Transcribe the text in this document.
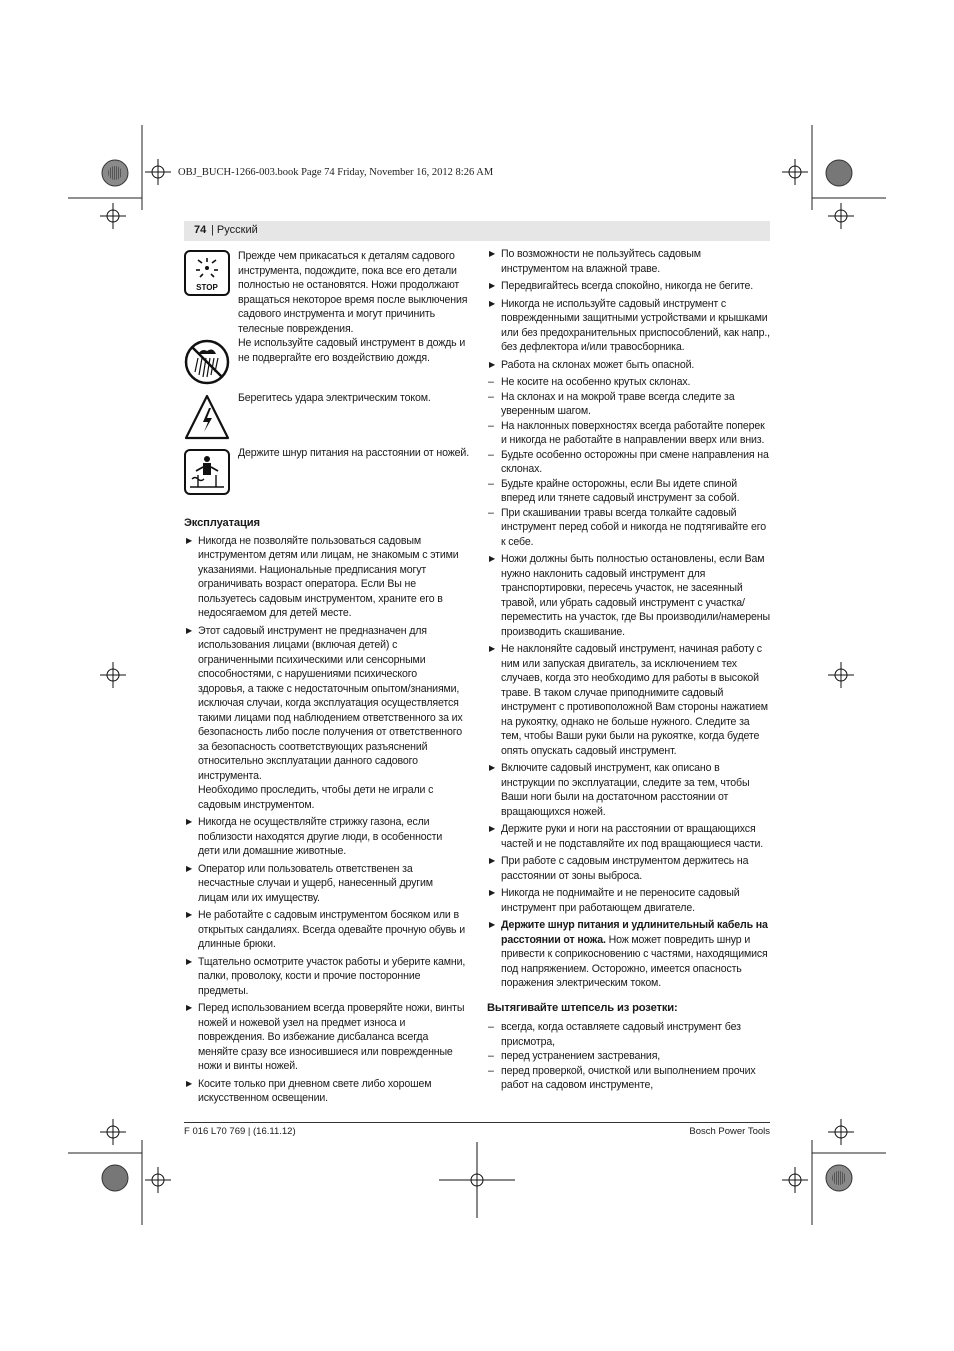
OBJ_BUCH-1266-003.book Page 74 Friday, November 16, 2012 8:26 AM
74 | Русский
STOP
Прежде чем прикасаться к деталям садового инструмента, подождите, пока все его детали полностью не остановятся. Ножи продолжают вращаться некоторое время после выключения садового инструмента и могут причинить телесные повреждения.
Не используйте садовый инструмент в дождь и не подвергайте его воздействию дождя.
Берегитесь удара электрическим током.
Держите шнур питания на расстоянии от ножей.

Эксплуатация

▶ Никогда не позволяйте пользоваться садовым инструментом детям или лицам, не знакомым с этими указаниями. Национальные предписания могут ограничивать возраст оператора. Если Вы не пользуетесь садовым инструментом, храните его в недосягаемом для детей месте.
▶ Этот садовый инструмент не предназначен для использования лицами (включая детей) с ограниченными психическими или сенсорными способностями, с нарушениями психического здоровья, а также с недостаточным опытом/знаниями, исключая случаи, когда эксплуатация осуществляется такими лицами под наблюдением ответственного за их безопасность либо после получения от ответственного за безопасность соответствующих разъяснений относительно эксплуатации данного садового инструмента.
Необходимо проследить, чтобы дети не играли с садовым инструментом.
▶ Никогда не осуществляйте стрижку газона, если поблизости находятся другие люди, в особенности дети или домашние животные.
▶ Оператор или пользователь ответственен за несчастные случаи и ущерб, нанесенный другим лицам или их имуществу.
▶ Не работайте с садовым инструментом босяком или в открытых сандалиях. Всегда одевайте прочную обувь и длинные брюки.
▶ Тщательно осмотрите участок работы и уберите камни, палки, проволоку, кости и прочие посторонние предметы.
▶ Перед использованием всегда проверяйте ножи, винты ножей и ножевой узел на предмет износа и повреждения. Во избежание дисбаланса всегда меняйте сразу все износившиеся или поврежденные ножи и винты ножей.
▶ Косите только при дневном свете либо хорошем искусственном освещении.
▶ По возможности не пользуйтесь садовым инструментом на влажной траве.
▶ Передвигайтесь всегда спокойно, никогда не бегите.
▶ Никогда не используйте садовый инструмент с поврежденными защитными устройствами и крышками или без предохранительных приспособлений, как напр., без дефлектора и/или травосборника.
▶ Работа на склонах может быть опасной.
– Не косите на особенно крутых склонах.
– На склонах и на мокрой траве всегда следите за уверенным шагом.
– На наклонных поверхностях всегда работайте поперек и никогда не работайте в направлении вверх или вниз.
– Будьте особенно осторожны при смене направления на склонах.
– Будьте крайне осторожны, если Вы идете спиной вперед или тянете садовый инструмент за собой.
– При скашивании травы всегда толкайте садовый инструмент перед собой и никогда не подтягивайте его к себе.
▶ Ножи должны быть полностью остановлены, если Вам нужно наклонить садовый инструмент для транспортировки, пересечь участок, не засеянный травой, или убрать садовый инструмент с участка/переместить на участок, где Вы производили/намерены производить скашивание.
▶ Не наклоняйте садовый инструмент, начиная работу с ним или запуская двигатель, за исключением тех случаев, когда это необходимо для работы в высокой траве. В таком случае приподнимите садовый инструмент с противоположной Вам стороны нажатием на рукоятку, однако не больше нужного. Следите за тем, чтобы Ваши руки были на рукоятке, когда будете опять опускать садовый инструмент.
▶ Включите садовый инструмент, как описано в инструкции по эксплуатации, следите за тем, чтобы Ваши ноги были на достаточном расстоянии от вращающихся ножей.
▶ Держите руки и ноги на расстоянии от вращающихся частей и не подставляйте их под вращающиеся части.
▶ При работе с садовым инструментом держитесь на расстоянии от зоны выброса.
▶ Никогда не поднимайте и не переносите садовый инструмент при работающем двигателе.
▶ Держите шнур питания и удлинительный кабель на расстоянии от ножа. Нож может повредить шнур и привести к соприкосновению с частями, находящимися под напряжением. Осторожно, имеется опасность поражения электрическим током.

Вытягивайте штепсель из розетки:

– всегда, когда оставляете садовый инструмент без присмотра,
– перед устранением застревания,
– перед проверкой, очисткой или выполнением прочих работ на садовом инструменте,
F 016 L70 769 | (16.11.12)	Bosch Power Tools
